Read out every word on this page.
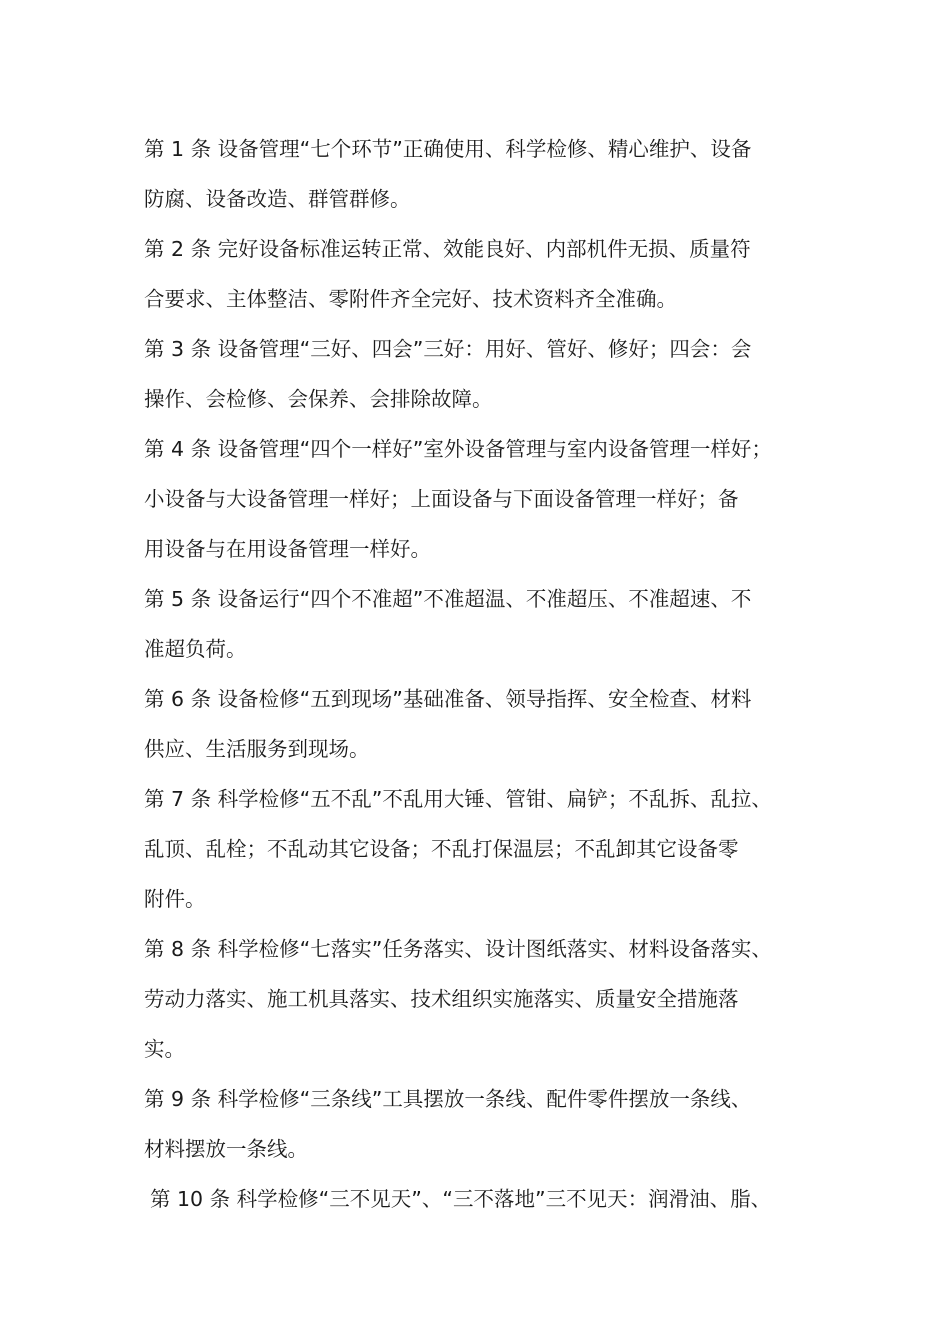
第 1 条 设备管理“七个环节”正确使用、科学检修、精心维护、设备
防腐、设备改造、群管群修。
第 2 条 完好设备标准运转正常、效能良好、内部机件无损、质量符
合要求、主体整洁、零附件齐全完好、技术资料齐全准确。
第 3 条 设备管理“三好、四会”三好：用好、管好、修好；四会：会
操作、会检修、会保养、会排除故障。
第 4 条 设备管理“四个一样好”室外设备管理与室内设备管理一样好；
小设备与大设备管理一样好；上面设备与下面设备管理一样好；备
用设备与在用设备管理一样好。
第 5 条 设备运行“四个不准超”不准超温、不准超压、不准超速、不
准超负荷。
第 6 条 设备检修“五到现场”基础准备、领导指挥、安全检查、材料
供应、生活服务到现场。
第 7 条 科学检修“五不乱”不乱用大锤、管钳、扁铲；不乱拆、乱拉、
乱顶、乱栓；不乱动其它设备；不乱打保温层；不乱卸其它设备零
附件。
第 8 条 科学检修“七落实”任务落实、设计图纸落实、材料设备落实、
劳动力落实、施工机具落实、技术组织实施落实、质量安全措施落
实。
第 9 条 科学检修“三条线”工具摆放一条线、配件零件摆放一条线、
材料摆放一条线。
第 10 条 科学检修“三不见天”、“三不落地”三不见天：润滑油、脂、
